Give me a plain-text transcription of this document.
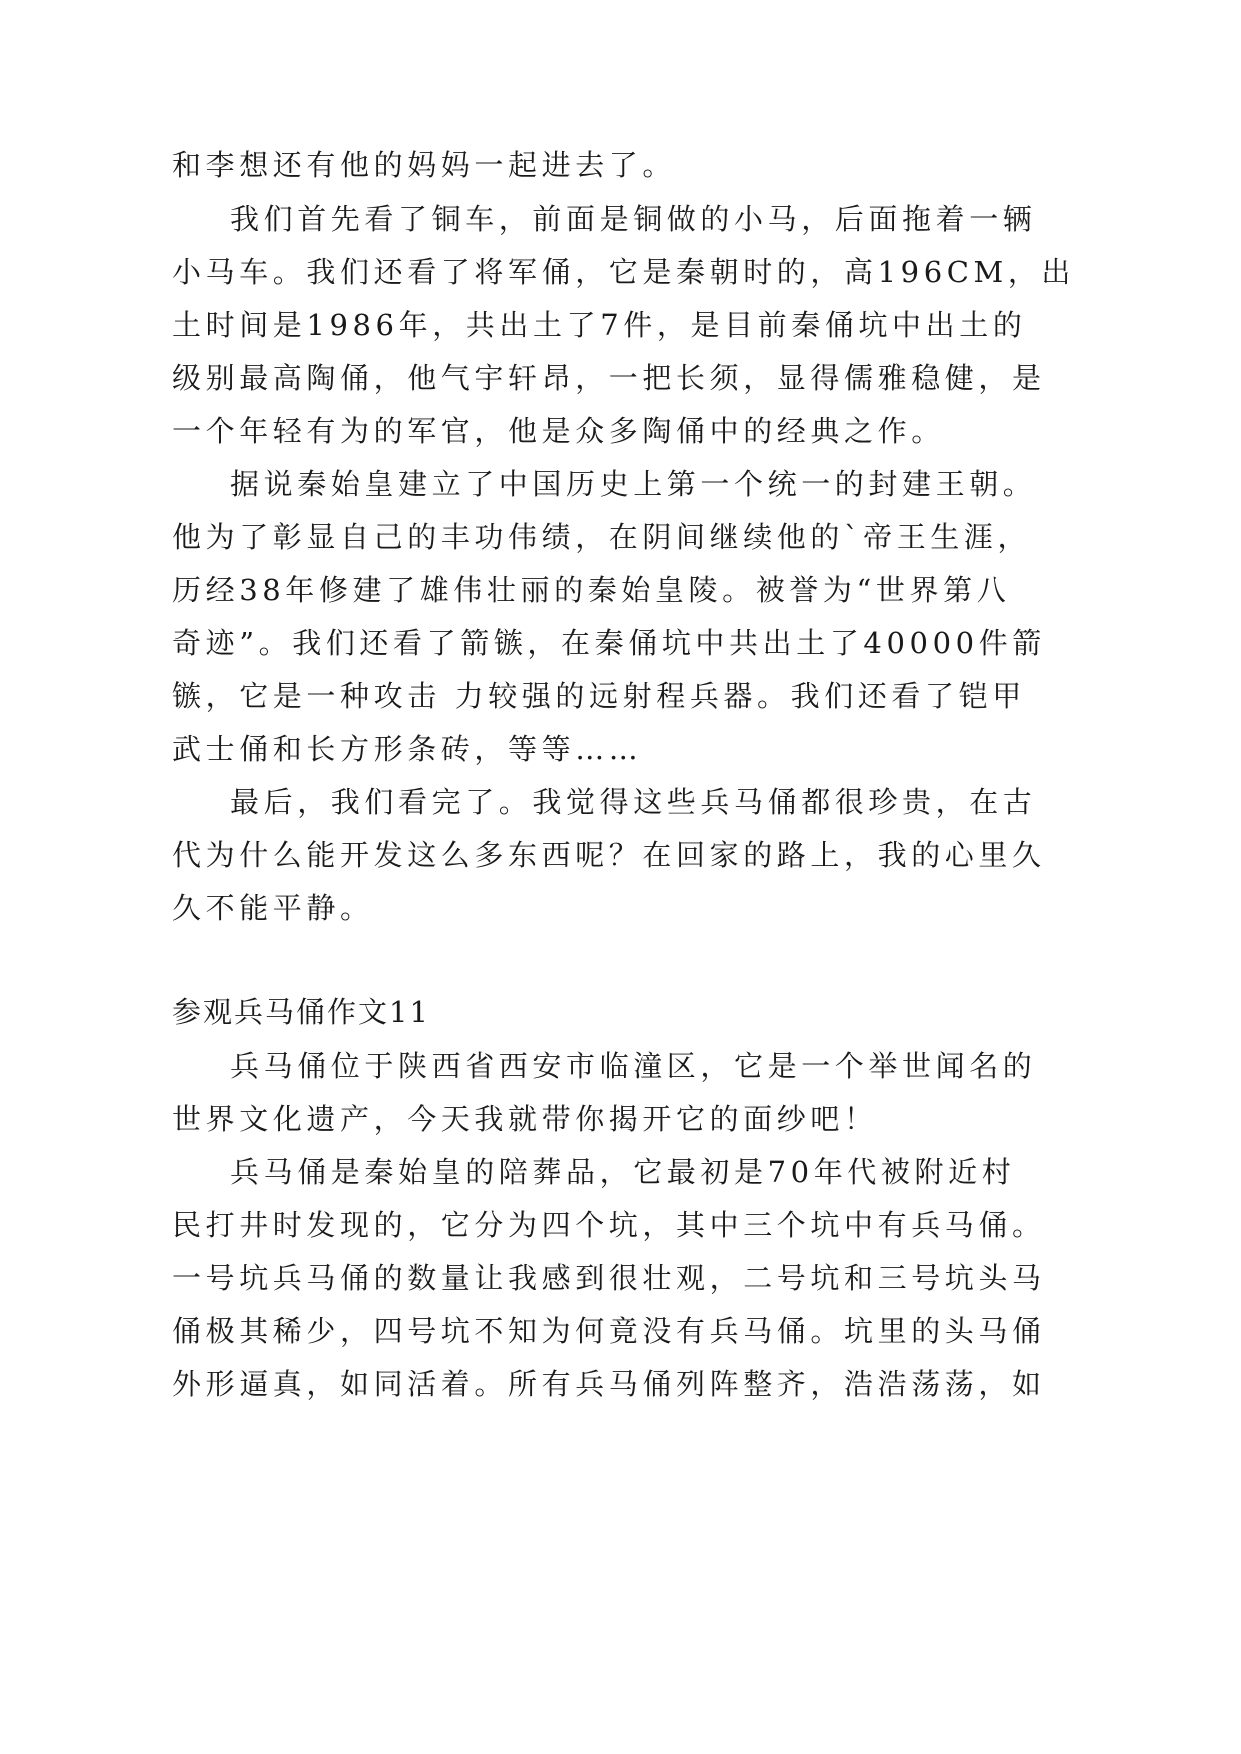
和李想还有他的妈妈一起进去了。
我们首先看了铜车，前面是铜做的小马，后面拖着一辆
小马车。我们还看了将军俑，它是秦朝时的，高196CM，出
土时间是1986年，共出土了7件，是目前秦俑坑中出土的
级别最高陶俑，他气宇轩昂，一把长须，显得儒雅稳健，是
一个年轻有为的军官，他是众多陶俑中的经典之作。
据说秦始皇建立了中国历史上第一个统一的封建王朝。
他为了彰显自己的丰功伟绩，在阴间继续他的`帝王生涯，
历经38年修建了雄伟壮丽的秦始皇陵。被誉为“世界第八
奇迹”。我们还看了箭镞，在秦俑坑中共出土了40000件箭
镞，它是一种攻击 力较强的远射程兵器。我们还看了铠甲
武士俑和长方形条砖，等等……
最后，我们看完了。我觉得这些兵马俑都很珍贵，在古
代为什么能开发这么多东西呢？在回家的路上，我的心里久
久不能平静。
参观兵马俑作文11
兵马俑位于陕西省西安市临潼区，它是一个举世闻名的
世界文化遗产，今天我就带你揭开它的面纱吧！
兵马俑是秦始皇的陪葬品，它最初是70年代被附近村
民打井时发现的，它分为四个坑，其中三个坑中有兵马俑。
一号坑兵马俑的数量让我感到很壮观，二号坑和三号坑头马
俑极其稀少，四号坑不知为何竟没有兵马俑。坑里的头马俑
外形逼真，如同活着。所有兵马俑列阵整齐，浩浩荡荡，如
